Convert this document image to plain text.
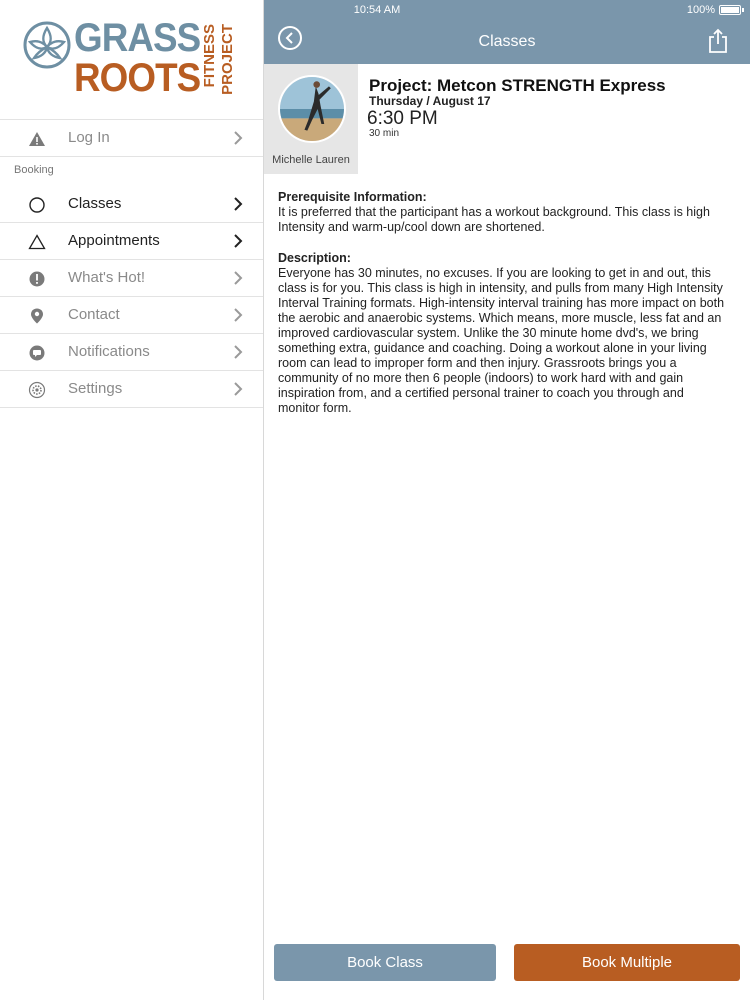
GRASS
ROOTS FITNESS PROJECT
Log In
Booking
Classes
Appointments
What's Hot!
Contact
Notifications
Settings
10:54 AM	100%
Classes
Michelle Lauren
Project: Metcon STRENGTH Express
Thursday / August 17
6:30 PM
30 min
Prerequisite Information:

It is preferred that the participant has a workout background. This class is high Intensity and warm-up/cool down are shortened.

Description:

Everyone has 30 minutes, no excuses. If you are looking to get in and out, this class is for you. This class is high in intensity, and pulls from many High Intensity Interval Training formats. High-intensity interval training has more impact on both the aerobic and anaerobic systems. Which means, more muscle, less fat and an improved cardiovascular system. Unlike the 30 minute home dvd's, we bring something extra, guidance and coaching. Doing a workout alone in your living room can lead to improper form and then injury. Grassroots brings you a community of no more then 6 people (indoors) to work hard with and gain inspiration from, and a certified personal trainer to coach you through and monitor form.

Book Class	Book Multiple
